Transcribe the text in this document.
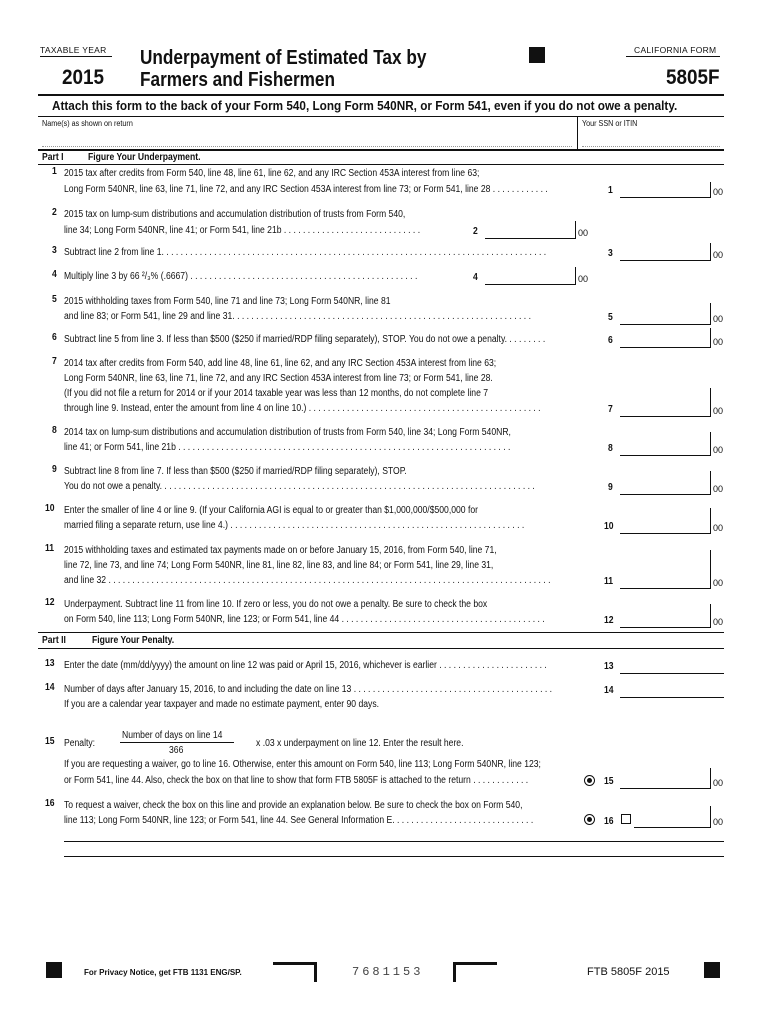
TAXABLE YEAR
2015
Underpayment of Estimated Tax by
Farmers and Fishermen
CALIFORNIA FORM
5805F
Attach this form to the back of your Form 540, Long Form 540NR, or Form 541, even if you do not owe a penalty.
Name(s) as shown on return	Your SSN or ITIN
Part I Figure Your Underpayment.
1 2015 tax after credits from Form 540, line 48, line 61, line 62, and any IRC Section 453A interest from line 63;
Long Form 540NR, line 63, line 71, line 72, and any IRC Section 453A interest from line 73; or Form 541, line 28 . . . . . . . . . . . .	1	00
2 2015 tax on lump-sum distributions and accumulation distribution of trusts from Form 540,
line 34; Long Form 540NR, line 41; or Form 541, line 21b . . . . . . . . . . . . . . . . . . . . . . . . . . . . .	2	00
3 Subtract line 2 from line 1. . . . . . . . . . . . . . . . . . . . . . . . . . . . . . . . . . . . . . . . . . . . . . . . . . . . . . . . . . . . . . . . . . . . . . . . . . . . . . . . .	3	00
4 Multiply line 3 by 66 ²/₃% (.6667) . . . . . . . . . . . . . . . . . . . . . . . . . . . . . . . . . . . . . . . . . . . . . . . .	4	00
5 2015 withholding taxes from Form 540, line 71 and line 73; Long Form 540NR, line 81
and line 83; or Form 541, line 29 and line 31. . . . . . . . . . . . . . . . . . . . . . . . . . . . . . . . . . . . . . . . . . . . . . . . . . . . . . . . . . . . . . .	5	00
6 Subtract line 5 from line 3. If less than $500 ($250 if married/RDP filing separately), STOP. You do not owe a penalty. . . . . . . . .	6	00
7 2014 tax after credits from Form 540, add line 48, line 61, line 62, and any IRC Section 453A interest from line 63;
Long Form 540NR, line 63, line 71, line 72, and any IRC Section 453A interest from line 73; or Form 541, line 28.
(If you did not file a return for 2014 or if your 2014 taxable year was less than 12 months, do not complete line 7
through line 9. Instead, enter the amount from line 4 on line 10.) . . . . . . . . . . . . . . . . . . . . . . . . . . . . . . . . . . . . . . . . . . . . . . . . .	7	00
8 2014 tax on lump-sum distributions and accumulation distribution of trusts from Form 540, line 34; Long Form 540NR,
line 41; or Form 541, line 21b . . . . . . . . . . . . . . . . . . . . . . . . . . . . . . . . . . . . . . . . . . . . . . . . . . . . . . . . . . . . . . . . . . . . . .	8	00
9 Subtract line 8 from line 7. If less than $500 ($250 if married/RDP filing separately), STOP.
You do not owe a penalty. . . . . . . . . . . . . . . . . . . . . . . . . . . . . . . . . . . . . . . . . . . . . . . . . . . . . . . . . . . . . . . . . . . . . . . . . . . . . . .	9	00
10 Enter the smaller of line 4 or line 9. (If your California AGI is equal to or greater than $1,000,000/$500,000 for
married filing a separate return, use line 4.) . . . . . . . . . . . . . . . . . . . . . . . . . . . . . . . . . . . . . . . . . . . . . . . . . . . . . . . . . . . . . .	10	00
11 2015 withholding taxes and estimated tax payments made on or before January 15, 2016, from Form 540, line 71,
line 72, line 73, and line 74; Long Form 540NR, line 81, line 82, line 83, and line 84; or Form 541, line 29, line 31,
and line 32 . . . . . . . . . . . . . . . . . . . . . . . . . . . . . . . . . . . . . . . . . . . . . . . . . . . . . . . . . . . . . . . . . . . . . . . . . . . . . . . . . . . . . . . . . . . . .	11	00
12 Underpayment. Subtract line 11 from line 10. If zero or less, you do not owe a penalty. Be sure to check the box
on Form 540, line 113; Long Form 540NR, line 123; or Form 541, line 44 . . . . . . . . . . . . . . . . . . . . . . . . . . . . . . . . . . . . . . . . . . .	12	00
Part II	Figure Your Penalty.
13 Enter the date (mm/dd/yyyy) the amount on line 12 was paid or April 15, 2016, whichever is earlier . . . . . . . . . . . . . . . . . . . . . . .	13
14 Number of days after January 15, 2016, to and including the date on line 13 . . . . . . . . . . . . . . . . . . . . . . . . . . . . . . . . . . . . . . . . . .
If you are a calendar year taxpayer and made no estimate payment, enter 90 days.
14
15 Penalty:
Number of days on line 14
366
x .03 x underpayment on line 12. Enter the result here.
If you are requesting a waiver, go to line 16. Otherwise, enter this amount on Form 540, line 113; Long Form 540NR, line 123;
or Form 541, line 44. Also, check the box on that line to show that form FTB 5805F is attached to the return . . . . . . . . . . . .	15	00
16 To request a waiver, check the box on this line and provide an explanation below. Be sure to check the box on Form 540,
line 113; Long Form 540NR, line 123; or Form 541, line 44. See General Information E. . . . . . . . . . . . . . . . . . . . . . . . . . . . . .	16	00
For Privacy Notice, get FTB 1131 ENG/SP.	7681153	FTB 5805F 2015
